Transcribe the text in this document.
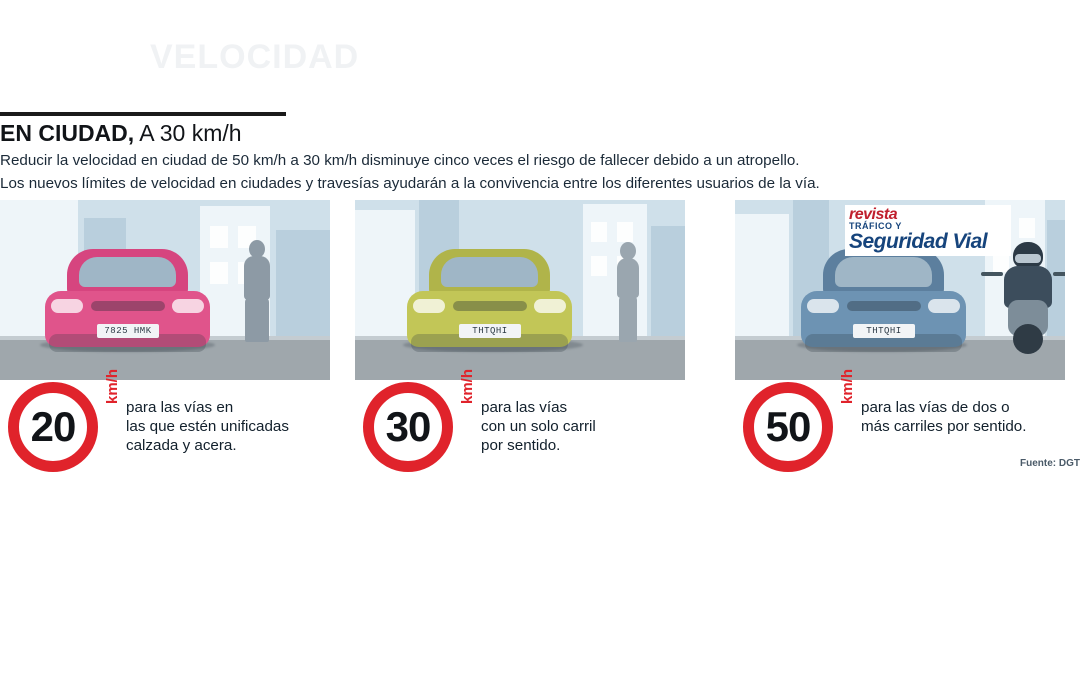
VELOCIDAD
EN CIUDAD, A 30 km/h
Reducir la velocidad en ciudad de 50 km/h a 30 km/h disminuye cinco veces el riesgo de fallecer debido a un atropello.
Los nuevos límites de velocidad en ciudades y travesías ayudarán a la convivencia entre los diferentes usuarios de la vía.
7825 HMK	THTQHI	THTQHI
revista
TRÁFICO Y
Seguridad Vial
20
km/h
para las vías en
las que estén unificadas
calzada y acera.	30
km/h
para las vías
con un solo carril
por sentido.	50
km/h
para las vías de dos o
más carriles por sentido.
Fuente: DGT
